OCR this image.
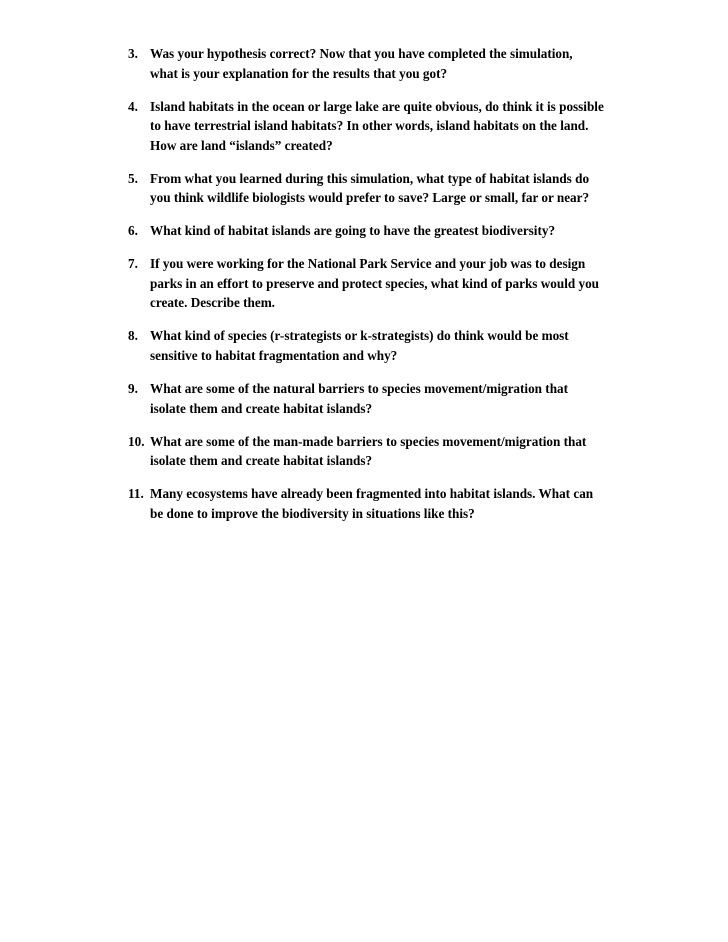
3. Was your hypothesis correct? Now that you have completed the simulation,
what is your explanation for the results that you got?
4. Island habitats in the ocean or large lake are quite obvious, do think it is possible
to have terrestrial island habitats? In other words, island habitats on the land.
How are land “islands” created?
5. From what you learned during this simulation, what type of habitat islands do
you think wildlife biologists would prefer to save? Large or small, far or near?
6. What kind of habitat islands are going to have the greatest biodiversity?
7. If you were working for the National Park Service and your job was to design
parks in an effort to preserve and protect species, what kind of parks would you
create. Describe them.
8. What kind of species (r-strategists or k-strategists) do think would be most
sensitive to habitat fragmentation and why?
9. What are some of the natural barriers to species movement/migration that
isolate them and create habitat islands?
10. What are some of the man-made barriers to species movement/migration that
isolate them and create habitat islands?
11. Many ecosystems have already been fragmented into habitat islands. What can
be done to improve the biodiversity in situations like this?
